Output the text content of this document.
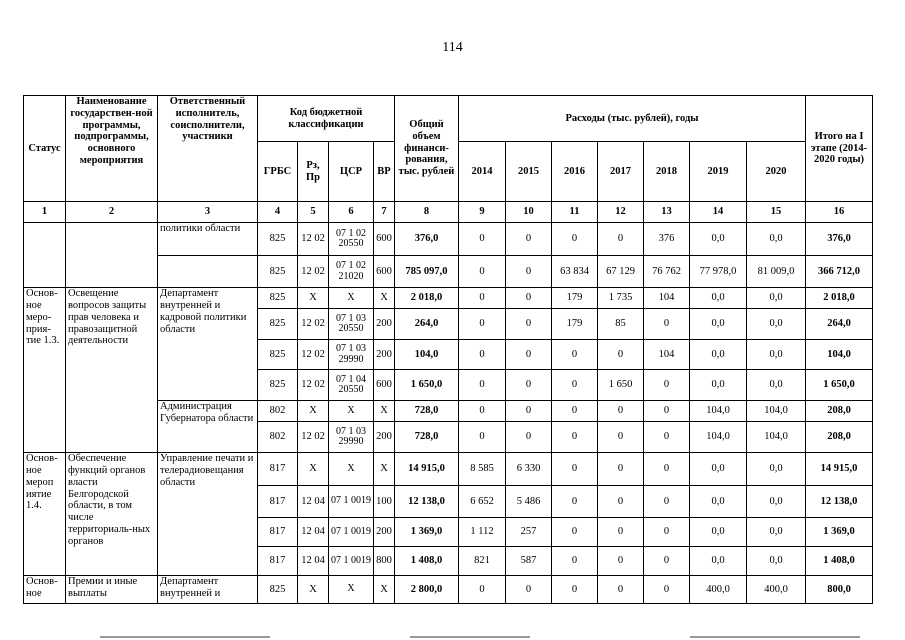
114
Статус	Наименование государствен-ной программы, подпрограммы, основного мероприятия	Ответственный исполнитель, соисполнители, участники	Код бюджетной классификации				Общий объем финанси-рования, тыс. рублей	Расходы (тыс. рублей), годы							Итого на I этапе (2014-2020 годы)
			ГРБС	Рз, Пр	ЦСР	ВР		2014	2015	2016	2017	2018	2019	2020	
1	2	3	4	5	6	7	8	9	10	11	12	13	14	15	16
		политики области	825	12 02	07 1 02 20550	600	376,0	0	0	0	0	376	0,0	0,0	376,0
			825	12 02	07 1 02 21020	600	785 097,0	0	0	63 834	67 129	76 762	77 978,0	81 009,0	366 712,0
Основ-ное меро-прия-тие 1.3.	Освещение вопросов защиты прав человека и правозащитной деятельности	Департамент внутренней и кадровой политики области	825	Х	Х	Х	2 018,0	0	0	179	1 735	104	0,0	0,0	2 018,0
			825	12 02	07 1 03 20550	200	264,0	0	0	179	85	0	0,0	0,0	264,0
			825	12 02	07 1 03 29990	200	104,0	0	0	0	0	104	0,0	0,0	104,0
			825	12 02	07 1 04 20550	600	1 650,0	0	0	0	1 650	0	0,0	0,0	1 650,0
		Администрация Губернатора области	802	Х	Х	Х	728,0	0	0	0	0	0	104,0	104,0	208,0
			802	12 02	07 1 03 29990	200	728,0	0	0	0	0	0	104,0	104,0	208,0
Основ-ное мероп иятие 1.4.	Обеспечение функций органов власти Белгородской области, в том числе территориаль-ных органов	Управление печати и телерадиовещания области	817	Х	Х	Х	14 915,0	8 585	6 330	0	0	0	0,0	0,0	14 915,0
			817	12 04	07 1 0019	100	12 138,0	6 652	5 486	0	0	0	0,0	0,0	12 138,0
			817	12 04	07 1 0019	200	1 369,0	1 112	257	0	0	0	0,0	0,0	1 369,0
			817	12 04	07 1 0019	800	1 408,0	821	587	0	0	0	0,0	0,0	1 408,0
Основ-ное	Премии и иные выплаты	Департамент внутренней и	825	Х	Х	Х	2 800,0	0	0	0	0	0	400,0	400,0	800,0
